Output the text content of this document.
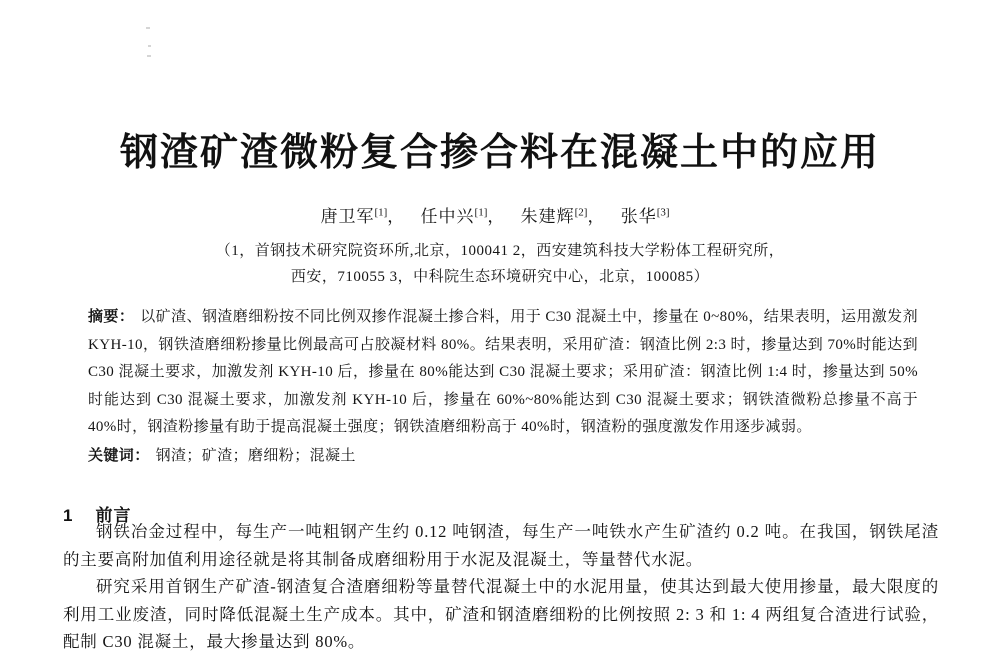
钢渣矿渣微粉复合掺合料在混凝土中的应用
唐卫军[1]， 任中兴[1]， 朱建辉[2]， 张华[3]
（1，首钢技术研究院资环所,北京，100041 2，西安建筑科技大学粉体工程研究所，
西安，710055 3，中科院生态环境研究中心，北京，100085）

摘要： 以矿渣、钢渣磨细粉按不同比例双掺作混凝土掺合料，用于 C30 混凝土中，掺量在 0~80%，结果表明，运用激发剂 KYH-10，钢铁渣磨细粉掺量比例最高可占胶凝材料 80%。结果表明，采用矿渣：钢渣比例 2:3 时，掺量达到 70%时能达到 C30 混凝土要求，加激发剂 KYH-10 后，掺量在 80%能达到 C30 混凝土要求；采用矿渣：钢渣比例 1:4 时，掺量达到 50%时能达到 C30 混凝土要求，加激发剂 KYH-10 后，掺量在 60%~80%能达到 C30 混凝土要求；钢铁渣微粉总掺量不高于 40%时，钢渣粉掺量有助于提高混凝土强度；钢铁渣磨细粉高于 40%时，钢渣粉的强度激发作用逐步减弱。

关键词： 钢渣；矿渣；磨细粉；混凝土

1 前言

钢铁冶金过程中，每生产一吨粗钢产生约 0.12 吨钢渣，每生产一吨铁水产生矿渣约 0.2 吨。在我国，钢铁尾渣的主要高附加值利用途径就是将其制备成磨细粉用于水泥及混凝土，等量替代水泥。

研究采用首钢生产矿渣-钢渣复合渣磨细粉等量替代混凝土中的水泥用量，使其达到最大使用掺量，最大限度的利用工业废渣，同时降低混凝土生产成本。其中，矿渣和钢渣磨细粉的比例按照 2: 3 和 1: 4 两组复合渣进行试验，配制 C30 混凝土，最大掺量达到 80%。
